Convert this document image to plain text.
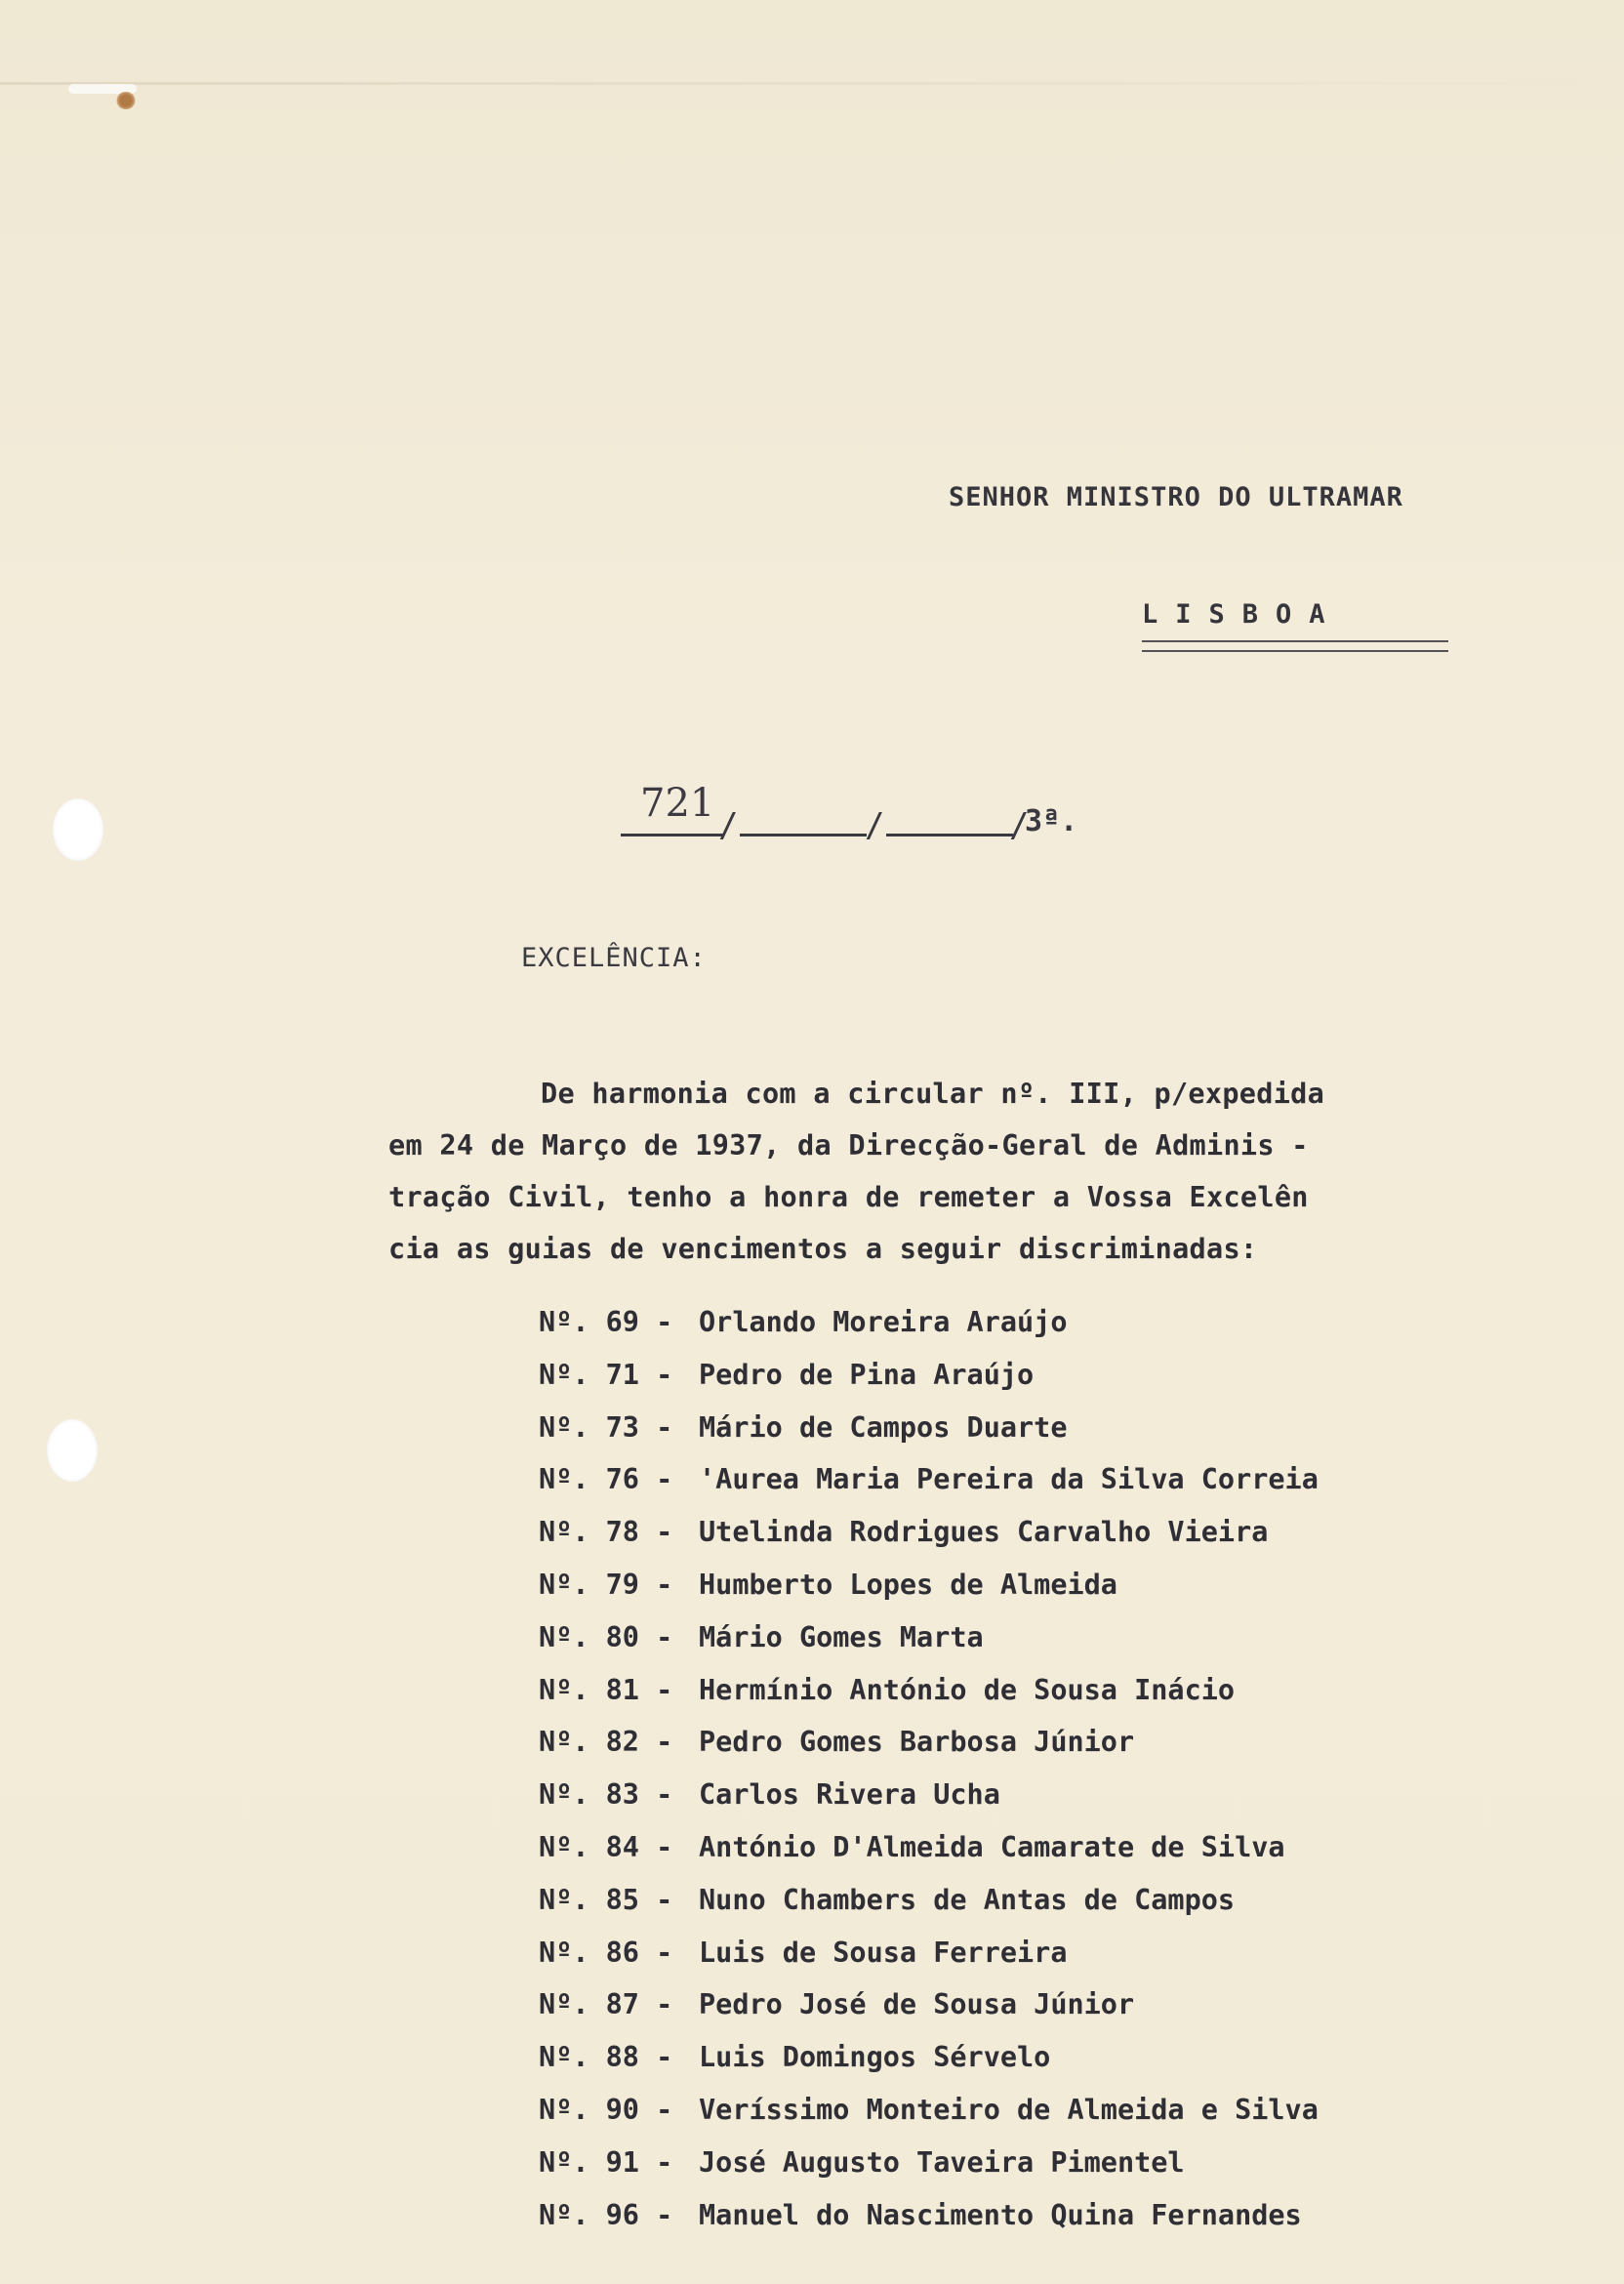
SENHOR MINISTRO DO ULTRAMAR
LISBOA
721 /	/	/
3ª.
EXCELÊNCIA:
De harmonia com a circular nº. III, p/expedida
em 24 de Março de 1937, da Direcção-Geral de Adminis -
tração Civil, tenho a honra de remeter a Vossa Excelên
cia as guias de vencimentos a seguir discriminadas:
Nº. 69 - Orlando Moreira Araújo
Nº. 71 - Pedro de Pina Araújo
Nº. 73 - Mário de Campos Duarte
Nº. 76 - 'Aurea Maria Pereira da Silva Correia
Nº. 78 - Utelinda Rodrigues Carvalho Vieira
Nº. 79 - Humberto Lopes de Almeida
Nº. 80 - Mário Gomes Marta
Nº. 81 - Hermínio António de Sousa Inácio
Nº. 82 - Pedro Gomes Barbosa Júnior
Nº. 83 - Carlos Rivera Ucha
Nº. 84 - António D'Almeida Camarate de Silva
Nº. 85 - Nuno Chambers de Antas de Campos
Nº. 86 - Luis de Sousa Ferreira
Nº. 87 - Pedro José de Sousa Júnior
Nº. 88 - Luis Domingos Sérvelo
Nº. 90 - Veríssimo Monteiro de Almeida e Silva
Nº. 91 - José Augusto Taveira Pimentel
Nº. 96 - Manuel do Nascimento Quina Fernandes
